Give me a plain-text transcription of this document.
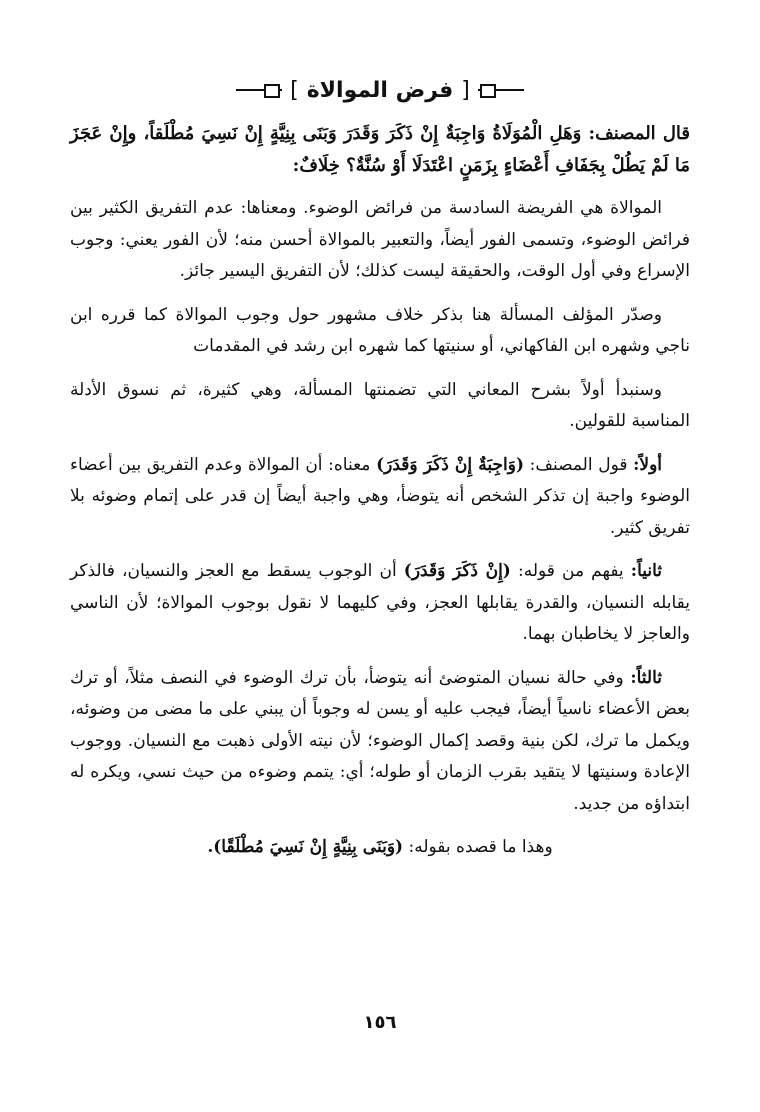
[
فرض الموالاة
]

قال المصنف: وَهَلِ الْمُوَلَاةُ وَاجِبَةٌ إِنْ ذَكَرَ وَقَدَرَ وَبَنَى بِنِيَّةٍ إِنْ نَسِيَ مُطْلَقاً، وإِنْ عَجَزَ مَا لَمْ يَطُلْ بِجَفَافِ أَعْضَاءٍ بِزَمَنٍ اعْتَدَلَا أَوْ سُنَّةٌ؟ خِلَافٌ:

الموالاة هي الفريضة السادسة من فرائض الوضوء. ومعناها: عدم التفريق الكثير بين فرائض الوضوء، وتسمى الفور أيضاً، والتعبير بالموالاة أحسن منه؛ لأن الفور يعني: وجوب الإسراع وفي أول الوقت، والحقيقة ليست كذلك؛ لأن التفريق اليسير جائز.

وصدّر المؤلف المسألة هنا بذكر خلاف مشهور حول وجوب الموالاة كما قرره ابن ناجي وشهره ابن الفاكهاني، أو سنيتها كما شهره ابن رشد في المقدمات

وسنبدأ أولاً بشرح المعاني التي تضمنتها المسألة، وهي كثيرة، ثم نسوق الأدلة المناسبة للقولين.

أولاً: قول المصنف: (وَاجِبَةٌ إِنْ ذَكَرَ وَقَدَرَ) معناه: أن الموالاة وعدم التفريق بين أعضاء الوضوء واجبة إن تذكر الشخص أنه يتوضأ، وهي واجبة أيضاً إن قدر على إتمام وضوئه بلا تفريق كثير.

ثانياً: يفهم من قوله: (إِنْ ذَكَرَ وَقَدَرَ) أن الوجوب يسقط مع العجز والنسيان، فالذكر يقابله النسيان، والقدرة يقابلها العجز، وفي كليهما لا نقول بوجوب الموالاة؛ لأن الناسي والعاجز لا يخاطبان بهما.

ثالثاً: وفي حالة نسيان المتوضئ أنه يتوضأ، بأن ترك الوضوء في النصف مثلاً، أو ترك بعض الأعضاء ناسياً أيضاً، فيجب عليه أو يسن له وجوباً أن يبني على ما مضى من وضوئه، ويكمل ما ترك، لكن بنية وقصد إكمال الوضوء؛ لأن نيته الأولى ذهبت مع النسيان. ووجوب الإعادة وسنيتها لا يتقيد بقرب الزمان أو طوله؛ أي: يتمم وضوءه من حيث نسي، ويكره له ابتداؤه من جديد.

وهذا ما قصده بقوله: (وَبَنَى بِنِيَّةٍ إِنْ نَسِيَ مُطْلَقًا).

١٥٦
